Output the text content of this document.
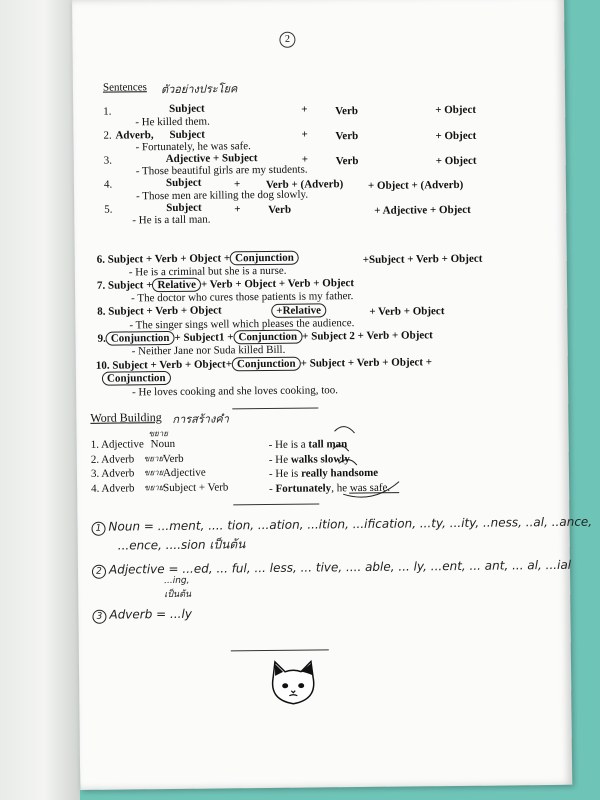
2
Sentences ตัวอย่างประโยค
1.	Subject	+	Verb	+ Object
- He killed them.
2. Adverb, Subject	+	Verb	+ Object
- Fortunately, he was safe.
3.	Adjective + Subject	+	Verb	+ Object
- Those beautiful girls are my students.
4.	Subject	+ Verb + (Adverb) + Object + (Adverb)
- Those men are killing the dog slowly.
5.	Subject	+	Verb	+ Adjective + Object
- He is a tall man.
6. Subject + Verb + Object + Conjunction	+Subject + Verb + Object
- He is a criminal but she is a nurse.
7. Subject + Relative + Verb + Object + Verb + Object
- The doctor who cures those patients is my father.
8. Subject + Verb + Object	+Relative	+ Verb + Object
- The singer sings well which pleases the audience.
9. Conjunction + Subject1 + Conjunction + Subject 2 + Verb + Object
- Neither Jane nor Suda killed Bill.
10. Subject + Verb + Object+ Conjunction + Subject + Verb + Object +
Conjunction
- He loves cooking and she loves cooking, too.
Word Building การสร้างคำ
ขยาย
1. Adjective Noun	- He is a tall man
2. Adverb ขยาย Verb	- He walks slowly
3. Adverb ขยาย Adjective	- He is really handsome
4. Adverb ขยาย Subject + Verb	- Fortunately, he was safe.
1 Noun = ...ment, .... tion, ...ation, ...ition, ...ification, ...ty, ...ity, ..ness, ..al, ..ance,
...ence, ....sion เป็นต้น
2 Adjective = ...ed, ... ful, ... less, ... tive, .... able, ... ly, ...ent, ... ant, ... al, ...ial
...ing,
เป็นต้น
3 Adverb = ...ly
